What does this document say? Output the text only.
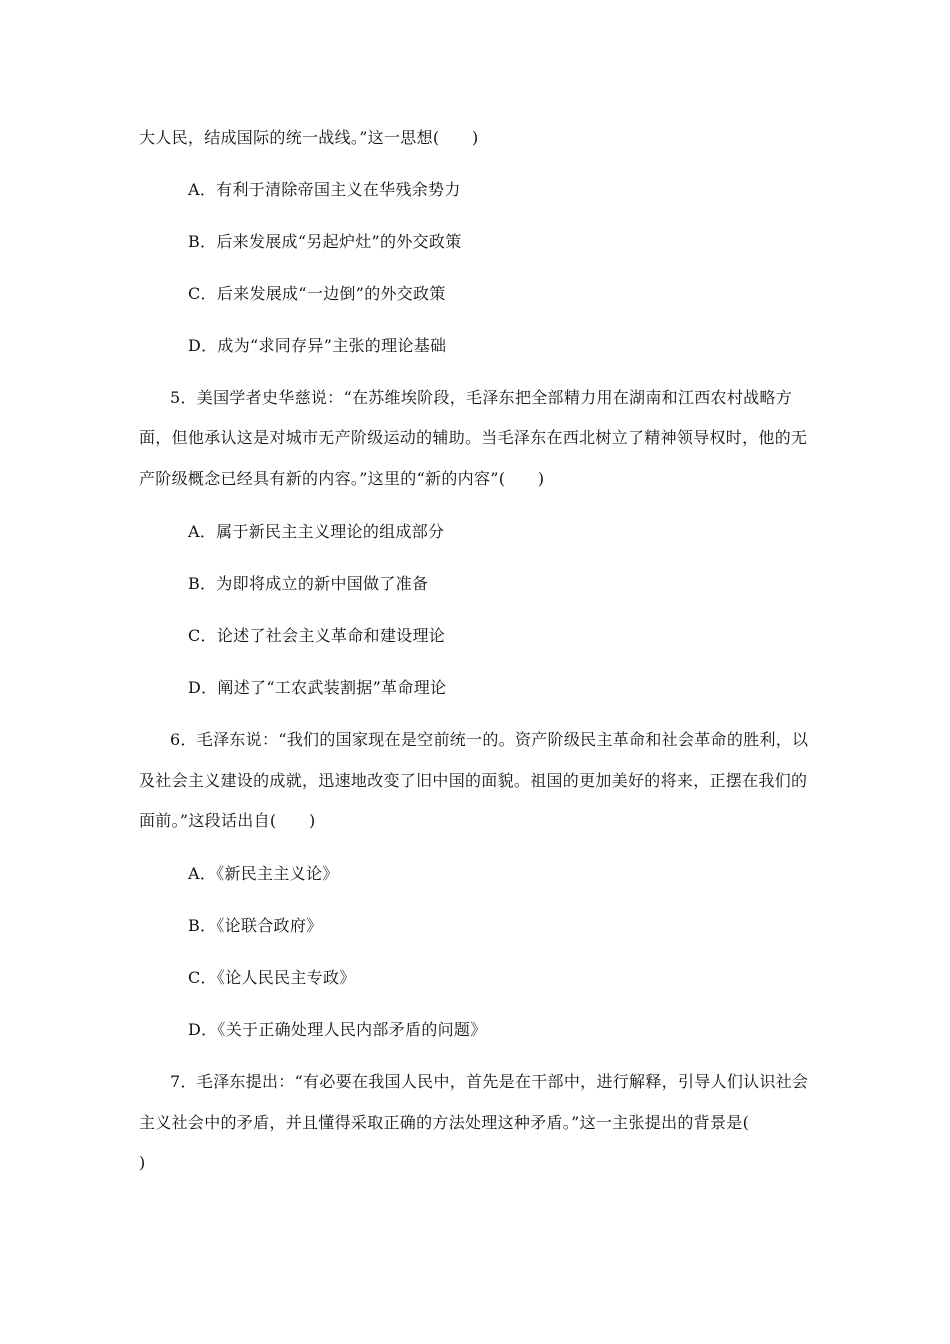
大人民，结成国际的统一战线。”这一思想(　　)
A．有利于清除帝国主义在华残余势力
B．后来发展成“另起炉灶”的外交政策
C．后来发展成“一边倒”的外交政策
D．成为“求同存异”主张的理论基础
5．美国学者史华慈说：“在苏维埃阶段，毛泽东把全部精力用在湖南和江西农村战略方
面，但他承认这是对城市无产阶级运动的辅助。当毛泽东在西北树立了精神领导权时，他的无
产阶级概念已经具有新的内容。”这里的“新的内容”(　　)
A．属于新民主主义理论的组成部分
B．为即将成立的新中国做了准备
C．论述了社会主义革命和建设理论
D．阐述了“工农武装割据”革命理论
6．毛泽东说：“我们的国家现在是空前统一的。资产阶级民主革命和社会革命的胜利，以
及社会主义建设的成就，迅速地改变了旧中国的面貌。祖国的更加美好的将来，正摆在我们的
面前。”这段话出自(　　)
A．《新民主主义论》
B．《论联合政府》
C．《论人民民主专政》
D．《关于正确处理人民内部矛盾的问题》
7．毛泽东提出：“有必要在我国人民中，首先是在干部中，进行解释，引导人们认识社会
主义社会中的矛盾，并且懂得采取正确的方法处理这种矛盾。”这一主张提出的背景是(
)
